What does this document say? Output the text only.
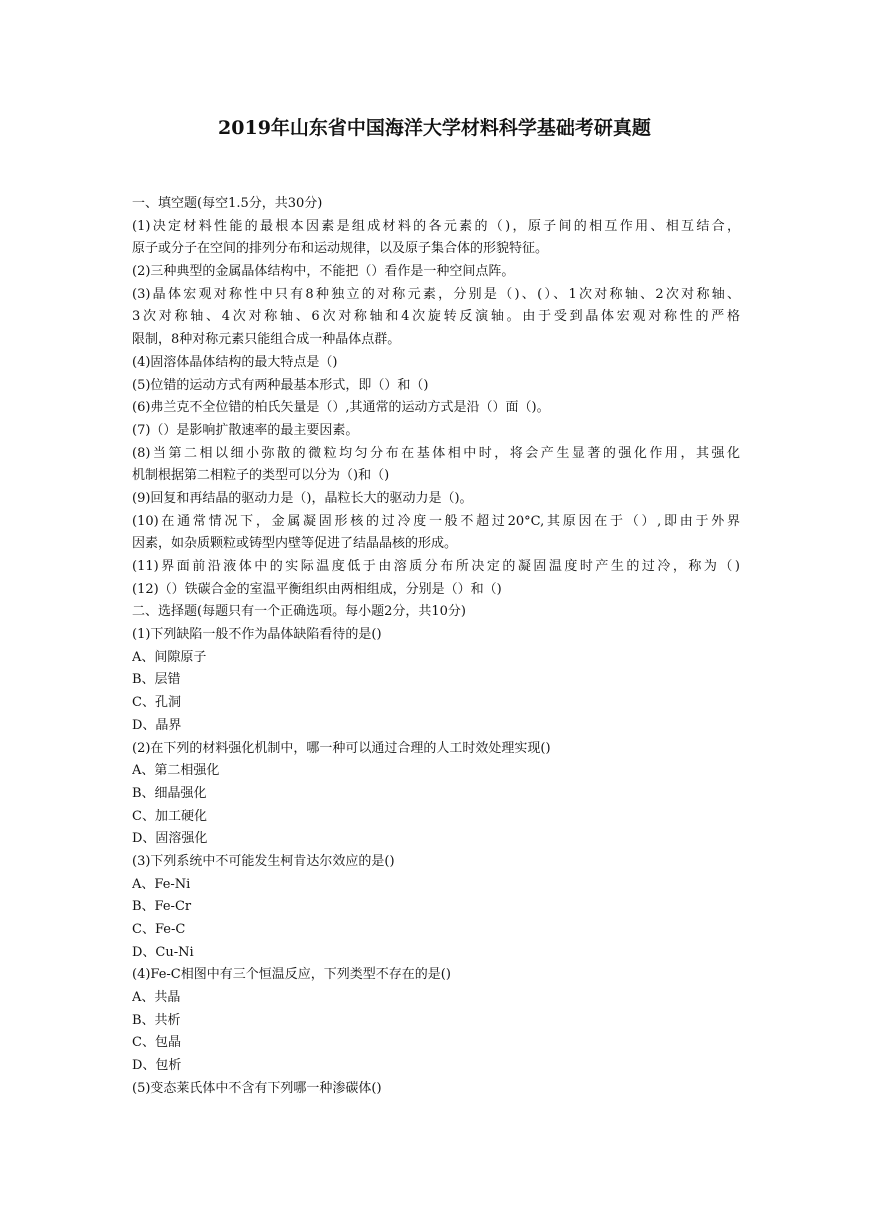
2019年山东省中国海洋大学材料科学基础考研真题
一、填空题(每空1.5分，共30分)
(1)决定材料性能的最根本因素是组成材料的各元素的（)，原子间的相互作用、相互结合，
原子或分子在空间的排列分布和运动规律，以及原子集合体的形貌特征。
(2)三种典型的金属晶体结构中，不能把（）看作是一种空间点阵。
(3)晶体宏观对称性中只有8种独立的对称元素，分别是（)、(）、1次对称轴、2次对称轴、
3次对称轴、4次对称轴、6次对称轴和4次旋转反演轴。由于受到晶体宏观对称性的严格
限制，8种对称元素只能组合成一种晶体点群。
(4)固溶体晶体结构的最大特点是（)
(5)位错的运动方式有两种最基本形式，即（）和（)
(6)弗兰克不全位错的柏氏矢量是（）,其通常的运动方式是沿（）面（)。
(7)（）是影响扩散速率的最主要因素。
(8)当第二相以细小弥散的微粒均匀分布在基体相中时，将会产生显著的强化作用，其强化
机制根据第二相粒子的类型可以分为（)和（)
(9)回复和再结晶的驱动力是（)，晶粒长大的驱动力是（)。
(10)在通常情况下，金属凝固形核的过冷度一般不超过20°C,其原因在于（）,即由于外界
因素，如杂质颗粒或铸型内壁等促进了结晶晶核的形成。
(11)界面前沿液体中的实际温度低于由溶质分布所决定的凝固温度时产生的过冷，称为（)
(12)（）铁碳合金的室温平衡组织由两相组成，分别是（）和（)
二、选择题(每题只有一个正确选项。每小题2分，共10分)
(1)下列缺陷一般不作为晶体缺陷看待的是()
A、间隙原子
B、层错
C、孔洞
D、晶界
(2)在下列的材料强化机制中，哪一种可以通过合理的人工时效处理实现()
A、第二相强化
B、细晶强化
C、加工硬化
D、固溶强化
(3)下列系统中不可能发生柯肯达尔效应的是()
A、Fe-Ni
B、Fe-Cr
C、Fe-C
D、Cu-Ni
(4)Fe-C相图中有三个恒温反应，下列类型不存在的是()
A、共晶
B、共析
C、包晶
D、包析
(5)变态莱氏体中不含有下列哪一种渗碳体()
